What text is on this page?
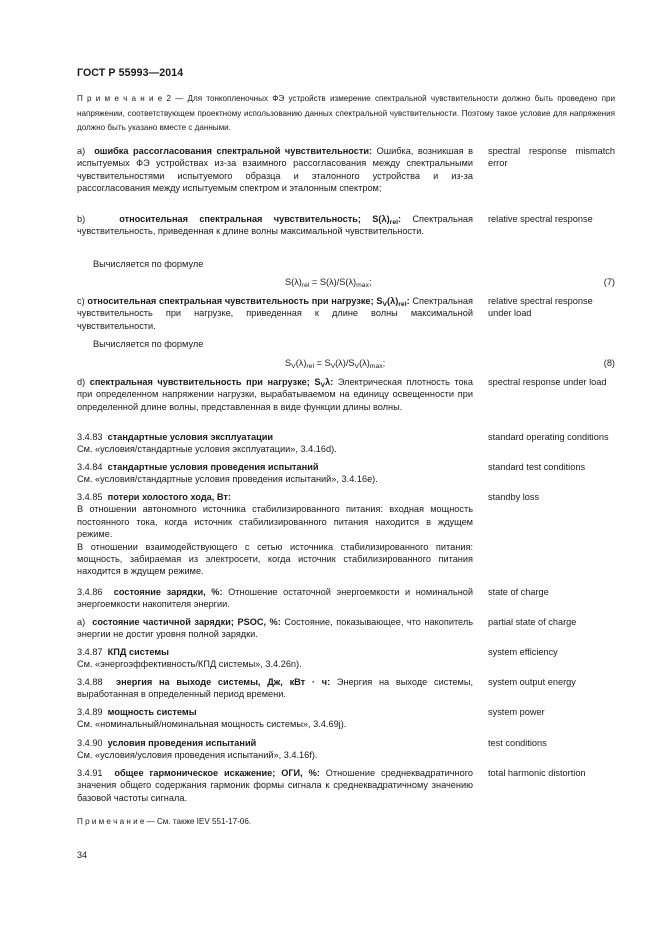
ГОСТ Р 55993—2014
П р и м е ч а н и е 2 — Для тонкопленочных ФЭ устройств измерение спектральной чувствительности должно быть проведено при напряжении, соответствующем проектному использованию данных спектральной чувствительности. Поэтому такое условие для напряжения должно быть указано вместе с данными.
а) ошибка рассогласования спектральной чувствительности: Ошибка, возникшая в испытуемых ФЭ устройствах из-за взаимного рассогласования между спектральными чувствительностями испытуемого образца и эталонного устройства и из-за рассогласования между испытуемым спектром и эталонным спектром;
spectral response mismatch error
b)	относительная спектральная чувствительность; $S(\lambda)_{rel}$: Спектральная чувствительность, приведенная к длине волны максимальной чувствительности.
relative spectral response
Вычисляется по формуле
$S(\lambda)_{rel} = S(\lambda)/S(\lambda)_{max}$;	(7)
c) относительная спектральная чувствительность при нагрузке; $S_V(\lambda)_{rel}$: Спектральная чувствительность при нагрузке, приведенная к длине волны максимальной чувствительности.
relative spectral response under load
Вычисляется по формуле
$S_V(\lambda)_{rel} = S_V(\lambda)/S_V(\lambda)_{max}$;	(8)
d) спектральная чувствительность при нагрузке; $S_V\lambda$: Электрическая плотность тока при определенном напряжении нагрузки, вырабатываемом на единицу освещенности при определенной длине волны, представленная в виде функции длины волны.
spectral response under load
3.4.83 стандартные условия эксплуатации
См. «условия/стандартные условия эксплуатации», 3.4.16d).
standard operating conditions
3.4.84 стандартные условия проведения испытаний
См. «условия/стандартные условия проведения испытаний», 3.4.16е).
standard test conditions
3.4.85 потери холостого хода, Вт:
В отношении автономного источника стабилизированного питания: входная мощность постоянного тока, когда источник стабилизированного питания находится в ждущем режиме.
В отношении взаимодействующего с сетью источника стабилизированного питания: мощность, забираемая из электросети, когда источник стабилизированного питания находится в ждущем режиме.
standby loss
3.4.86 состояние зарядки, %: Отношение остаточной энергоемкости и номинальной энергоемкости накопителя энергии.
state of charge
а) состояние частичной зарядки; PSOC, %: Состояние, показывающее, что накопитель энергии не достиг уровня полной зарядки.
partial state of charge
3.4.87 КПД системы
См. «энергоэффективность/КПД системы», 3.4.26n).
system efficiency
3.4.88 энергия на выходе системы, Дж, кВт · ч: Энергия на выходе системы, выработанная в определенный период времени.
system output energy
3.4.89 мощность системы
См. «номинальный/номинальная мощность системы», 3.4.69j).
system power
3.4.90 условия проведения испытаний
См. «условия/условия проведения испытаний», 3.4.16f).
test conditions
3.4.91 общее гармоническое искажение; ОГИ, %: Отношение среднеквадратичного значения общего содержания гармоник формы сигнала к среднеквадратичному значению базовой частоты сигнала.
total harmonic distortion
П р и м е ч а н и е — См. также IEV 551-17-06.
34
